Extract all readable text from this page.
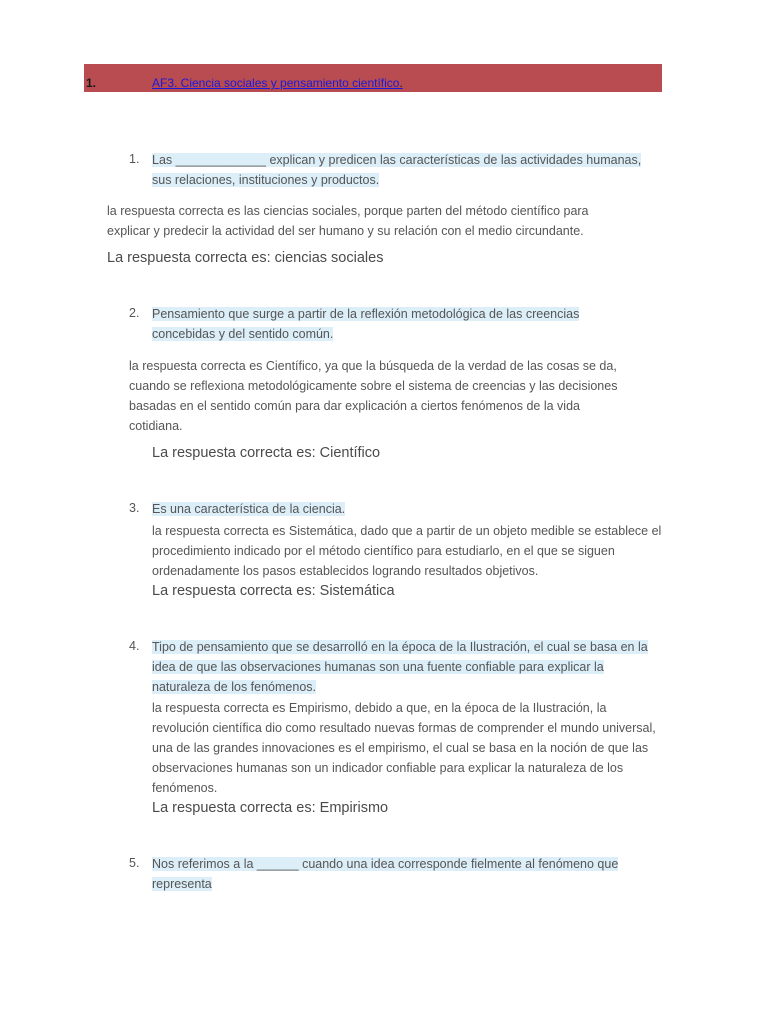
1.	AF3. Ciencia sociales y pensamiento científico.
1. Las _____________ explican y predicen las características de las actividades humanas, sus relaciones, instituciones y productos.
la respuesta correcta es las ciencias sociales, porque parten del método científico para explicar y predecir la actividad del ser humano y su relación con el medio circundante.
La respuesta correcta es: ciencias sociales
2. Pensamiento que surge a partir de la reflexión metodológica de las creencias concebidas y del sentido común.
la respuesta correcta es Científico, ya que la búsqueda de la verdad de las cosas se da, cuando se reflexiona metodológicamente sobre el sistema de creencias y las decisiones basadas en el sentido común para dar explicación a ciertos fenómenos de la vida cotidiana.
La respuesta correcta es: Científico
3. Es una característica de la ciencia.
la respuesta correcta es Sistemática, dado que a partir de un objeto medible se establece el procedimiento indicado por el método científico para estudiarlo, en el que se siguen ordenadamente los pasos establecidos logrando resultados objetivos.
La respuesta correcta es: Sistemática
4. Tipo de pensamiento que se desarrolló en la época de la Ilustración, el cual se basa en la idea de que las observaciones humanas son una fuente confiable para explicar la naturaleza de los fenómenos.
la respuesta correcta es Empirismo, debido a que, en la época de la Ilustración, la revolución científica dio como resultado nuevas formas de comprender el mundo universal, una de las grandes innovaciones es el empirismo, el cual se basa en la noción de que las observaciones humanas son un indicador confiable para explicar la naturaleza de los fenómenos.
La respuesta correcta es: Empirismo
5. Nos referimos a la ______ cuando una idea corresponde fielmente al fenómeno que representa
